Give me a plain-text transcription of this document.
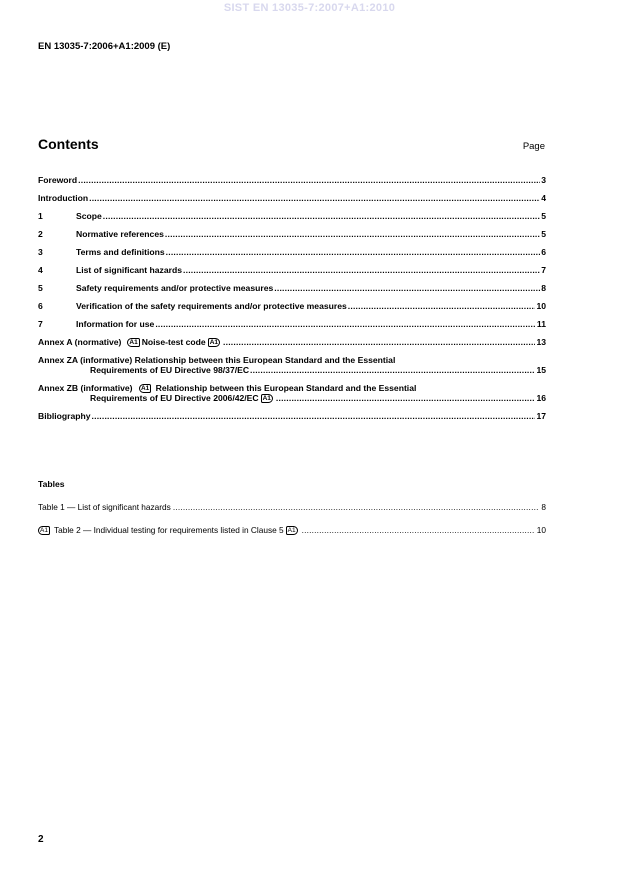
SIST EN 13035-7:2007+A1:2010
EN 13035-7:2006+A1:2009 (E)
Contents	Page
Foreword .....	3
Introduction .....	4
1	Scope .....	5
2	Normative references .....	5
3	Terms and definitions .....	6
4	List of significant hazards .....	7
5	Safety requirements and/or protective measures .....	8
6	Verification of the safety requirements and/or protective measures .....	10
7	Information for use .....	11
Annex A (normative)	A1 Noise-test code A1 .....	13
Annex ZA (informative) Relationship between this European Standard and the Essential
Requirements of EU Directive 98/37/EC .....	15
Annex ZB (informative) A1 Relationship between this European Standard and the Essential
Requirements of EU Directive 2006/42/EC A1 .....	16
Bibliography .....	17
Tables
Table 1 — List of significant hazards .....	8
A1 Table 2 — Individual testing for requirements listed in Clause 5 A1 .....	10
2
